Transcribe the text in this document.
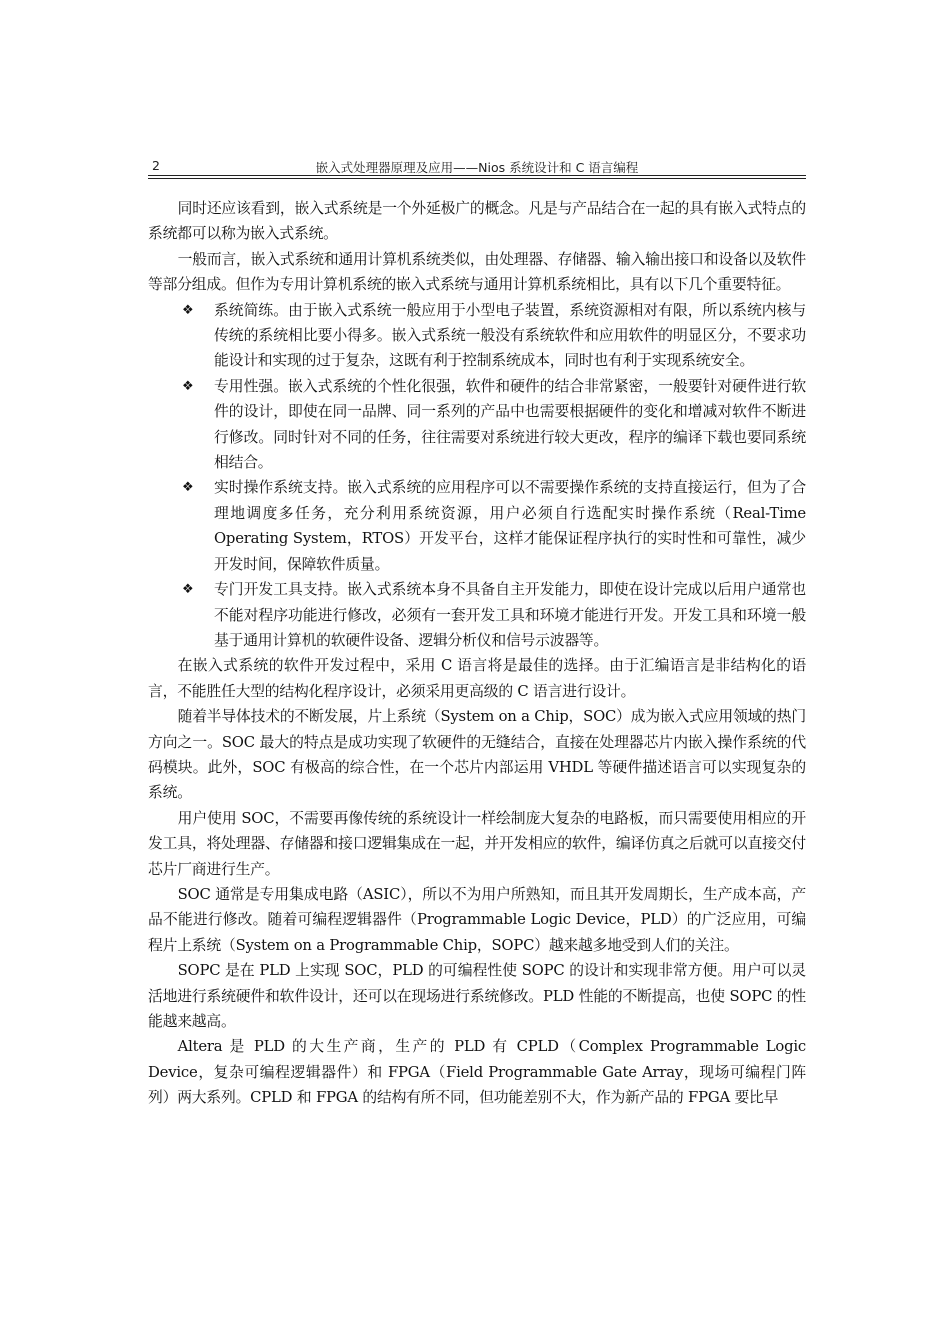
2	嵌入式处理器原理及应用——Nios 系统设计和 C 语言编程

同时还应该看到，嵌入式系统是一个外延极广的概念。凡是与产品结合在一起的具有嵌入式特点的系统都可以称为嵌入式系统。

一般而言，嵌入式系统和通用计算机系统类似，由处理器、存储器、输入输出接口和设备以及软件等部分组成。但作为专用计算机系统的嵌入式系统与通用计算机系统相比，具有以下几个重要特征。

❖ 系统简练。由于嵌入式系统一般应用于小型电子装置，系统资源相对有限，所以系统内核与传统的系统相比要小得多。嵌入式系统一般没有系统软件和应用软件的明显区分，不要求功能设计和实现的过于复杂，这既有利于控制系统成本，同时也有利于实现系统安全。
❖ 专用性强。嵌入式系统的个性化很强，软件和硬件的结合非常紧密，一般要针对硬件进行软件的设计，即使在同一品牌、同一系列的产品中也需要根据硬件的变化和增减对软件不断进行修改。同时针对不同的任务，往往需要对系统进行较大更改，程序的编译下载也要同系统相结合。
❖ 实时操作系统支持。嵌入式系统的应用程序可以不需要操作系统的支持直接运行，但为了合理地调度多任务，充分利用系统资源，用户必须自行选配实时操作系统（Real-Time Operating System，RTOS）开发平台，这样才能保证程序执行的实时性和可靠性，减少开发时间，保障软件质量。
❖ 专门开发工具支持。嵌入式系统本身不具备自主开发能力，即使在设计完成以后用户通常也不能对程序功能进行修改，必须有一套开发工具和环境才能进行开发。开发工具和环境一般基于通用计算机的软硬件设备、逻辑分析仪和信号示波器等。

在嵌入式系统的软件开发过程中，采用 C 语言将是最佳的选择。由于汇编语言是非结构化的语言，不能胜任大型的结构化程序设计，必须采用更高级的 C 语言进行设计。

随着半导体技术的不断发展，片上系统（System on a Chip，SOC）成为嵌入式应用领域的热门方向之一。SOC 最大的特点是成功实现了软硬件的无缝结合，直接在处理器芯片内嵌入操作系统的代码模块。此外，SOC 有极高的综合性，在一个芯片内部运用 VHDL 等硬件描述语言可以实现复杂的系统。

用户使用 SOC，不需要再像传统的系统设计一样绘制庞大复杂的电路板，而只需要使用相应的开发工具，将处理器、存储器和接口逻辑集成在一起，并开发相应的软件，编译仿真之后就可以直接交付芯片厂商进行生产。

SOC 通常是专用集成电路（ASIC），所以不为用户所熟知，而且其开发周期长，生产成本高，产品不能进行修改。随着可编程逻辑器件（Programmable Logic Device，PLD）的广泛应用，可编程片上系统（System on a Programmable Chip，SOPC）越来越多地受到人们的关注。

SOPC 是在 PLD 上实现 SOC，PLD 的可编程性使 SOPC 的设计和实现非常方便。用户可以灵活地进行系统硬件和软件设计，还可以在现场进行系统修改。PLD 性能的不断提高，也使 SOPC 的性能越来越高。

Altera 是 PLD 的大生产商，生产的 PLD 有 CPLD（Complex Programmable Logic Device，复杂可编程逻辑器件）和 FPGA（Field Programmable Gate Array，现场可编程门阵列）两大系列。CPLD 和 FPGA 的结构有所不同，但功能差别不大，作为新产品的 FPGA 要比早
